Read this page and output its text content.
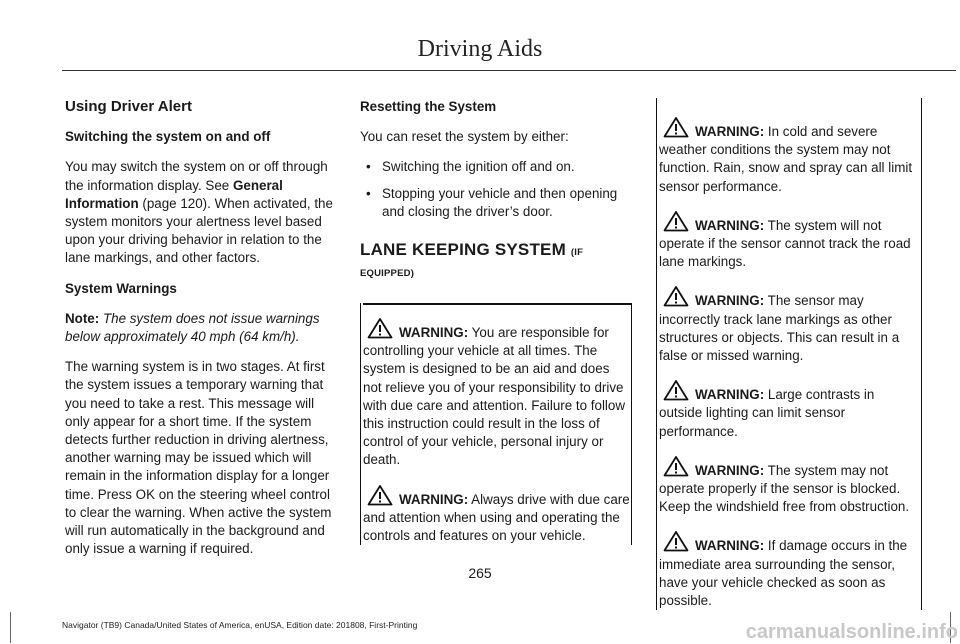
Driving Aids
Using Driver Alert
Switching the system on and off

You may switch the system on or off through the information display. See General Information (page 120). When activated, the system monitors your alertness level based upon your driving behavior in relation to the lane markings, and other factors.

System Warnings

Note: The system does not issue warnings below approximately 40 mph (64 km/h).

The warning system is in two stages. At first the system issues a temporary warning that you need to take a rest. This message will only appear for a short time. If the system detects further reduction in driving alertness, another warning may be issued which will remain in the information display for a longer time. Press OK on the steering wheel control to clear the warning. When active the system will run automatically in the background and only issue a warning if required.

Resetting the System

You can reset the system by either:

• Switching the ignition off and on.
• Stopping your vehicle and then opening and closing the driver’s door.
LANE KEEPING SYSTEM (IF EQUIPPED)

WARNING: You are responsible for controlling your vehicle at all times. The system is designed to be an aid and does not relieve you of your responsibility to drive with due care and attention. Failure to follow this instruction could result in the loss of control of your vehicle, personal injury or death.

WARNING: Always drive with due care and attention when using and operating the controls and features on your vehicle.

WARNING: In cold and severe weather conditions the system may not function. Rain, snow and spray can all limit sensor performance.

WARNING: The system will not operate if the sensor cannot track the road lane markings.

WARNING: The sensor may incorrectly track lane markings as other structures or objects. This can result in a false or missed warning.

WARNING: Large contrasts in outside lighting can limit sensor performance.

WARNING: The system may not operate properly if the sensor is blocked. Keep the windshield free from obstruction.

WARNING: If damage occurs in the immediate area surrounding the sensor, have your vehicle checked as soon as possible.

265
Navigator (TB9) Canada/United States of America, enUSA, Edition date: 201808, First-Printing	carmanualsonline.info
